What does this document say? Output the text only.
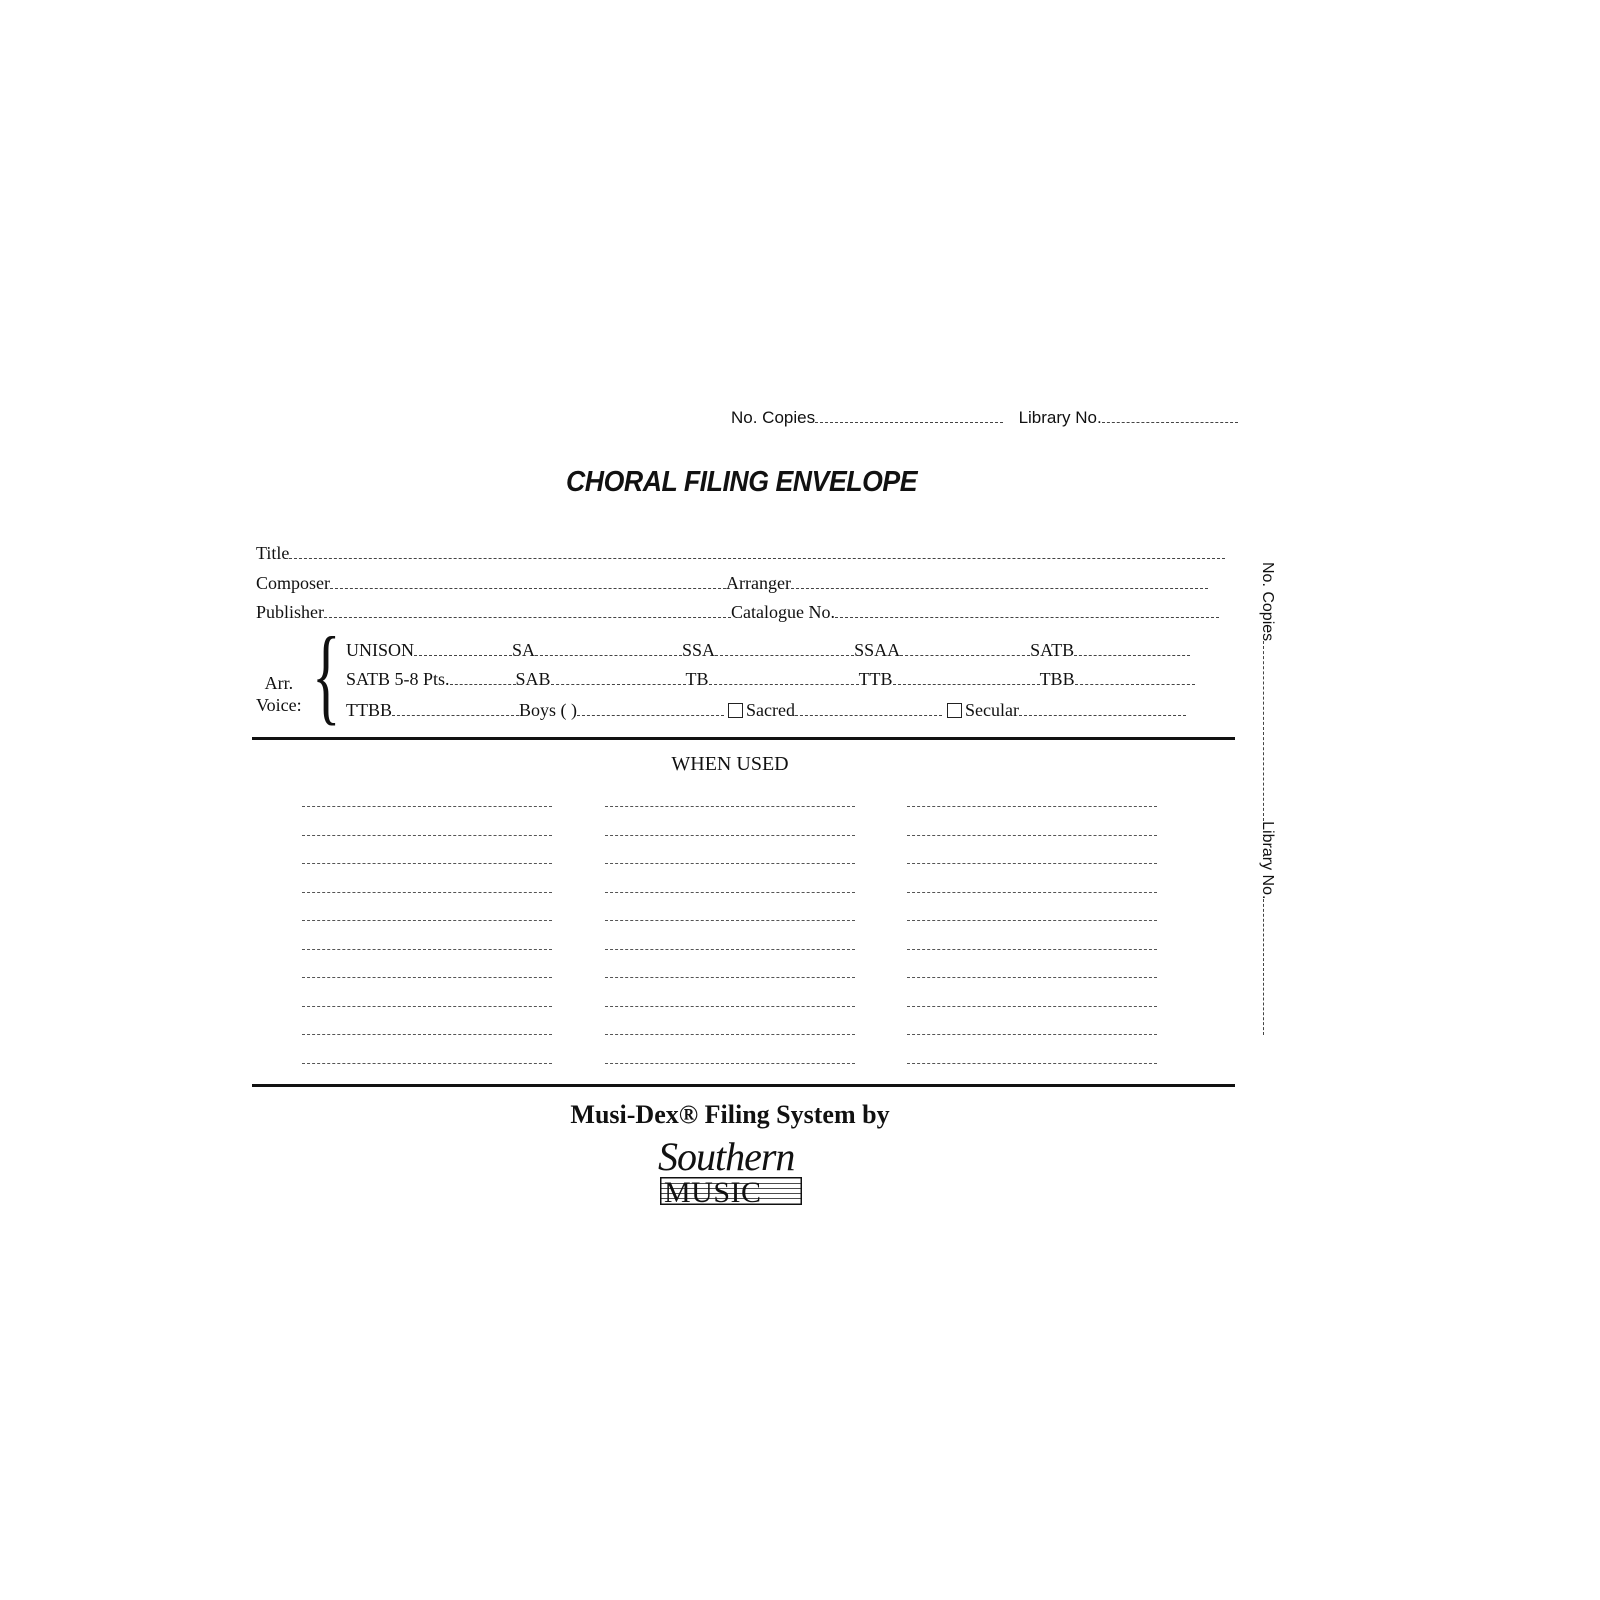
No. Copies	Library No.
CHORAL FILING ENVELOPE
Title
Composer	Arranger
Publisher	Catalogue No.
Arr.
Voice: { UNISON	SA	SSA	SSAA	SATB
SATB 5-8 Pts.	SAB	TB	TTB	TBB
TTBB	Boys ( )	Sacred	Secular
WHEN USED
No. CopiesLibrary No.
Musi-Dex® Filing System by
Southern
MUSIC
